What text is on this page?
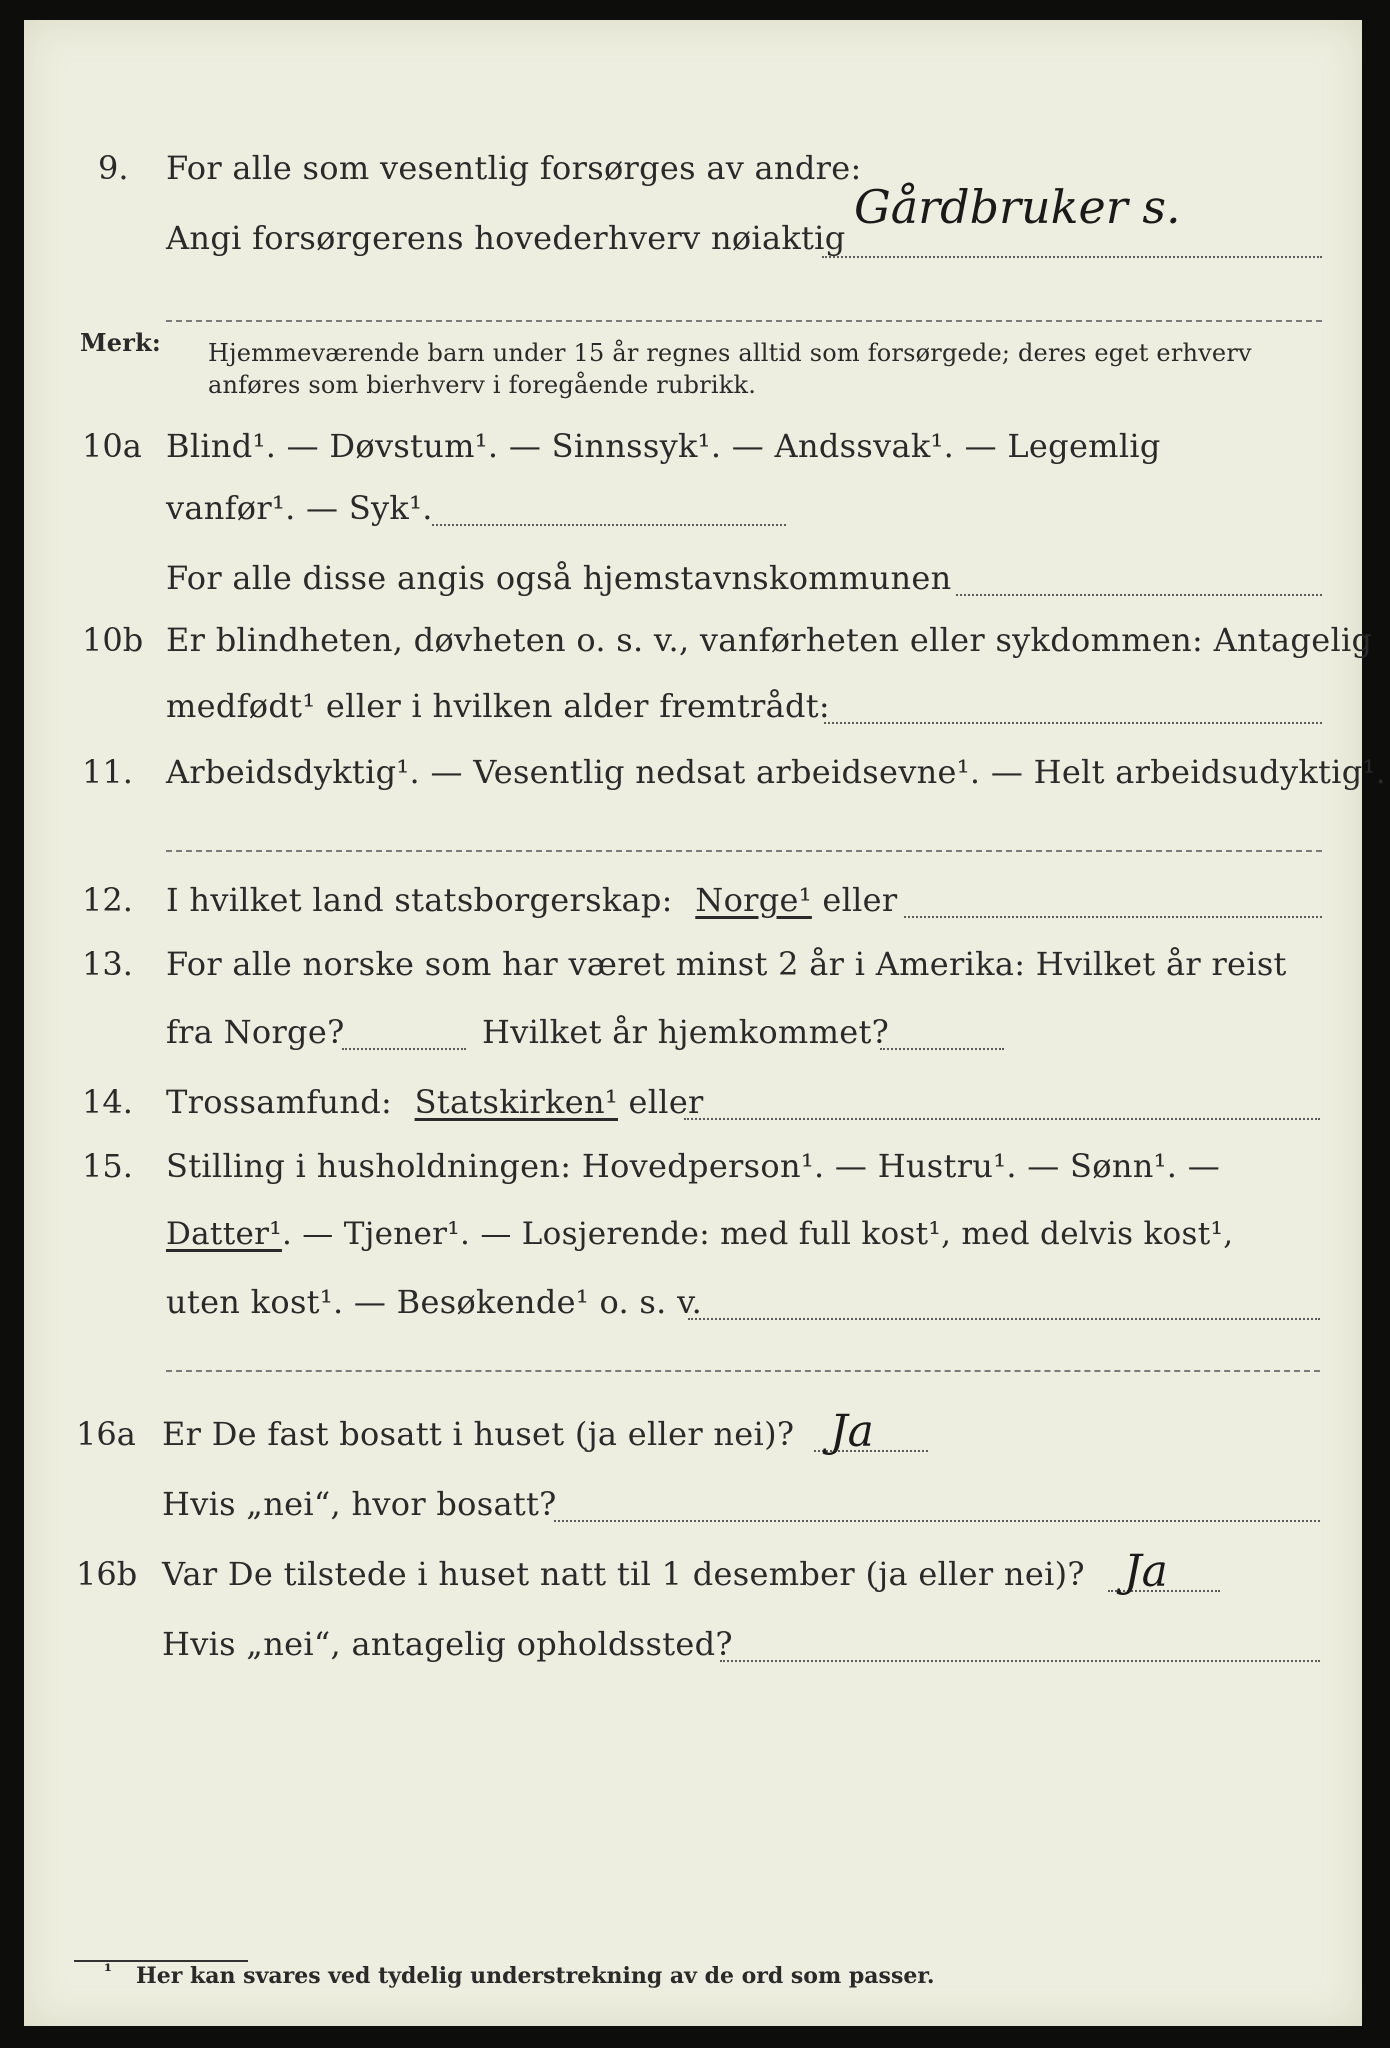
9. For alle som vesentlig forsørges av andre:
Angi forsørgerens hovederhverv nøiaktig
Gårdbruker s.
Merk: Hjemmeværende barn under 15 år regnes alltid som forsørgede; deres eget erhverv
anføres som bierhverv i foregående rubrikk.
10a Blind¹. — Døvstum¹. — Sinnssyk¹. — Andssvak¹. — Legemlig
vanfør¹. — Syk¹.
For alle disse angis også hjemstavnskommunen
10b Er blindheten, døvheten o. s. v., vanførheten eller sykdommen: Antagelig
medfødt¹ eller i hvilken alder fremtrådt:
11. Arbeidsdyktig¹. — Vesentlig nedsat arbeidsevne¹. — Helt arbeidsudyktig¹.
12. I hvilket land statsborgerskap: Norge¹ eller
13. For alle norske som har været minst 2 år i Amerika: Hvilket år reist
fra Norge?	Hvilket år hjemkommet?
14. Trossamfund: Statskirken¹ eller
15. Stilling i husholdningen: Hovedperson¹. — Hustru¹. — Sønn¹. —
Datter¹. — Tjener¹. — Losjerende: med full kost¹, med delvis kost¹,
uten kost¹. — Besøkende¹ o. s. v.
16a Er De fast bosatt i huset (ja eller nei)? Ja
Hvis „nei“, hvor bosatt?
16b Var De tilstede i huset natt til 1 desember (ja eller nei)? Ja
Hvis „nei“, antagelig opholdssted?
¹ Her kan svares ved tydelig understrekning av de ord som passer.
